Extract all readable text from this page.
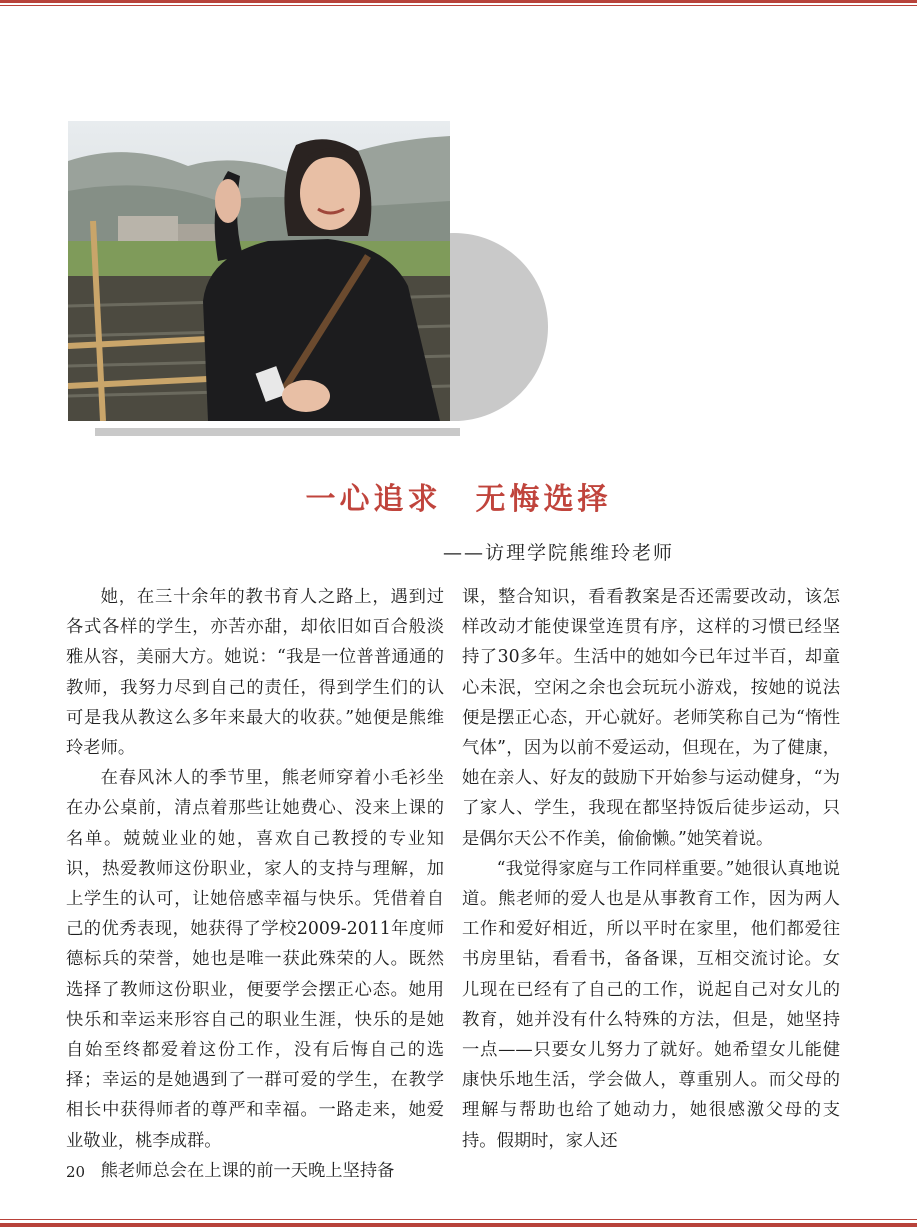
一心追求　无悔选择
——访理学院熊维玲老师

她，在三十余年的教书育人之路上，遇到过各式各样的学生，亦苦亦甜，却依旧如百合般淡雅从容，美丽大方。她说：“我是一位普普通通的教师，我努力尽到自己的责任，得到学生们的认可是我从教这么多年来最大的收获。”她便是熊维玲老师。

在春风沐人的季节里，熊老师穿着小毛衫坐在办公桌前，清点着那些让她费心、没来上课的名单。兢兢业业的她，喜欢自己教授的专业知识，热爱教师这份职业，家人的支持与理解，加上学生的认可，让她倍感幸福与快乐。凭借着自己的优秀表现，她获得了学校2009-2011年度师德标兵的荣誉，她也是唯一获此殊荣的人。既然选择了教师这份职业，便要学会摆正心态。她用快乐和幸运来形容自己的职业生涯，快乐的是她自始至终都爱着这份工作，没有后悔自己的选择；幸运的是她遇到了一群可爱的学生，在教学相长中获得师者的尊严和幸福。一路走来，她爱业敬业，桃李成群。

熊老师总会在上课的前一天晚上坚持备

课，整合知识，看看教案是否还需要改动，该怎样改动才能使课堂连贯有序，这样的习惯已经坚持了30多年。生活中的她如今已年过半百，却童心未泯，空闲之余也会玩玩小游戏，按她的说法便是摆正心态，开心就好。老师笑称自己为“惰性气体”，因为以前不爱运动，但现在，为了健康，她在亲人、好友的鼓励下开始参与运动健身，“为了家人、学生，我现在都坚持饭后徒步运动，只是偶尔天公不作美，偷偷懒。”她笑着说。

“我觉得家庭与工作同样重要。”她很认真地说道。熊老师的爱人也是从事教育工作，因为两人工作和爱好相近，所以平时在家里，他们都爱往书房里钻，看看书，备备课，互相交流讨论。女儿现在已经有了自己的工作，说起自己对女儿的教育，她并没有什么特殊的方法，但是，她坚持一点——只要女儿努力了就好。她希望女儿能健康快乐地生活，学会做人，尊重别人。而父母的理解与帮助也给了她动力，她很感激父母的支持。假期时，家人还

20
